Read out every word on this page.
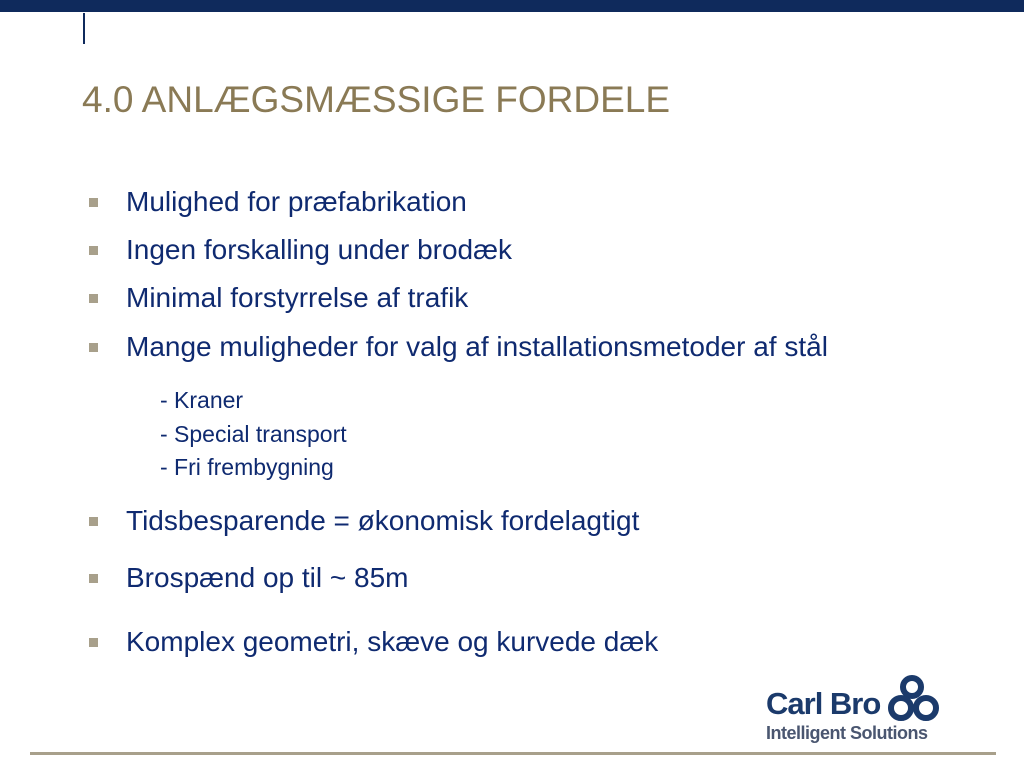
4.0 ANLÆGSMÆSSIGE FORDELE
Mulighed for præfabrikation
Ingen forskalling under brodæk
Minimal forstyrrelse af trafik
Mange muligheder for valg af installationsmetoder af stål
- Kraner
- Special transport
- Fri frembygning
Tidsbesparende = økonomisk fordelagtigt
Brospænd op til ~ 85m
Komplex geometri, skæve og kurvede dæk
Carl Bro
Intelligent Solutions
